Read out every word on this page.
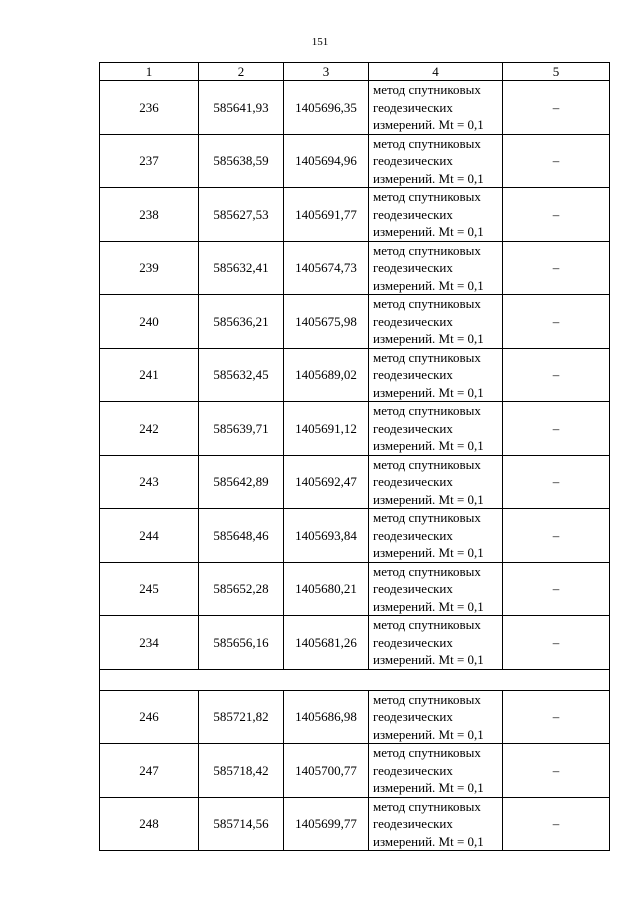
151
1	2	3	4	5
236	585641,93	1405696,35	метод спутниковых
геодезических
измерений. Mt = 0,1	–
237	585638,59	1405694,96	метод спутниковых
геодезических
измерений. Mt = 0,1	–
238	585627,53	1405691,77	метод спутниковых
геодезических
измерений. Mt = 0,1	–
239	585632,41	1405674,73	метод спутниковых
геодезических
измерений. Mt = 0,1	–
240	585636,21	1405675,98	метод спутниковых
геодезических
измерений. Mt = 0,1	–
241	585632,45	1405689,02	метод спутниковых
геодезических
измерений. Mt = 0,1	–
242	585639,71	1405691,12	метод спутниковых
геодезических
измерений. Mt = 0,1	–
243	585642,89	1405692,47	метод спутниковых
геодезических
измерений. Mt = 0,1	–
244	585648,46	1405693,84	метод спутниковых
геодезических
измерений. Mt = 0,1	–
245	585652,28	1405680,21	метод спутниковых
геодезических
измерений. Mt = 0,1	–
234	585656,16	1405681,26	метод спутниковых
геодезических
измерений. Mt = 0,1	–

246	585721,82	1405686,98	метод спутниковых
геодезических
измерений. Mt = 0,1	–
247	585718,42	1405700,77	метод спутниковых
геодезических
измерений. Mt = 0,1	–
248	585714,56	1405699,77	метод спутниковых
геодезических
измерений. Mt = 0,1	–
